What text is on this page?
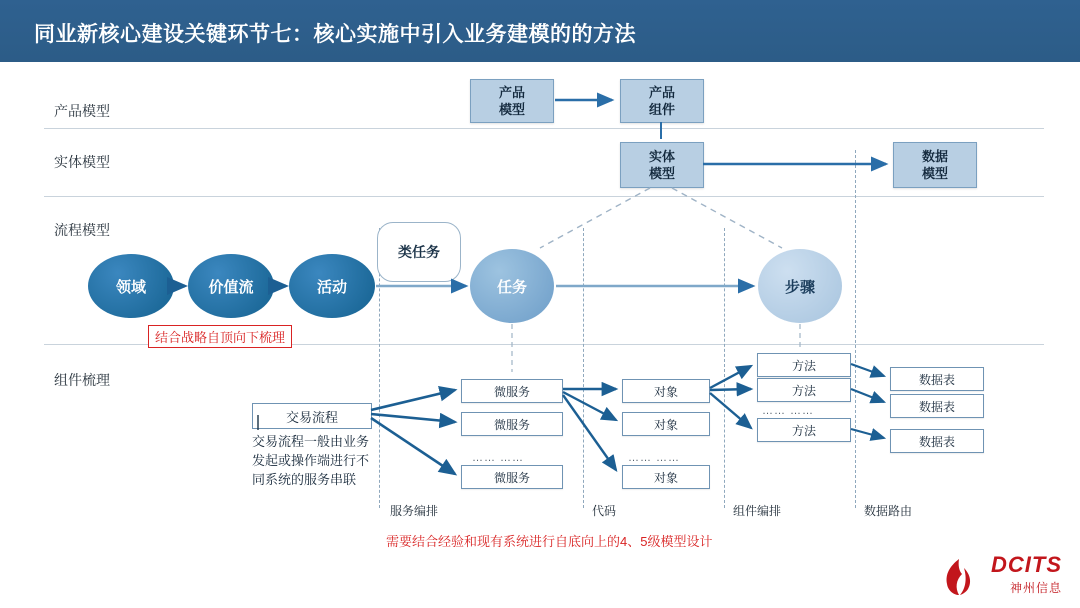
同业新核心建设关键环节七：核心实施中引入业务建模的的方法
产品模型
实体模型
流程模型
组件梳理
产品
模型
产品
组件
实体
模型
数据
模型
领域	价值流	活动
类任务
任务	步骤
结合战略自顶向下梳理
交易流程
交易流程一般由业务发起或操作端进行不同系统的服务串联
微服务
微服务
…… ……
微服务
对象
对象
…… ……
对象
方法
方法
…… ……
方法
数据表
数据表
数据表
服务编排	代码	组件编排	数据路由
需要结合经验和现有系统进行自底向上的4、5级模型设计
DCITS
神州信息
